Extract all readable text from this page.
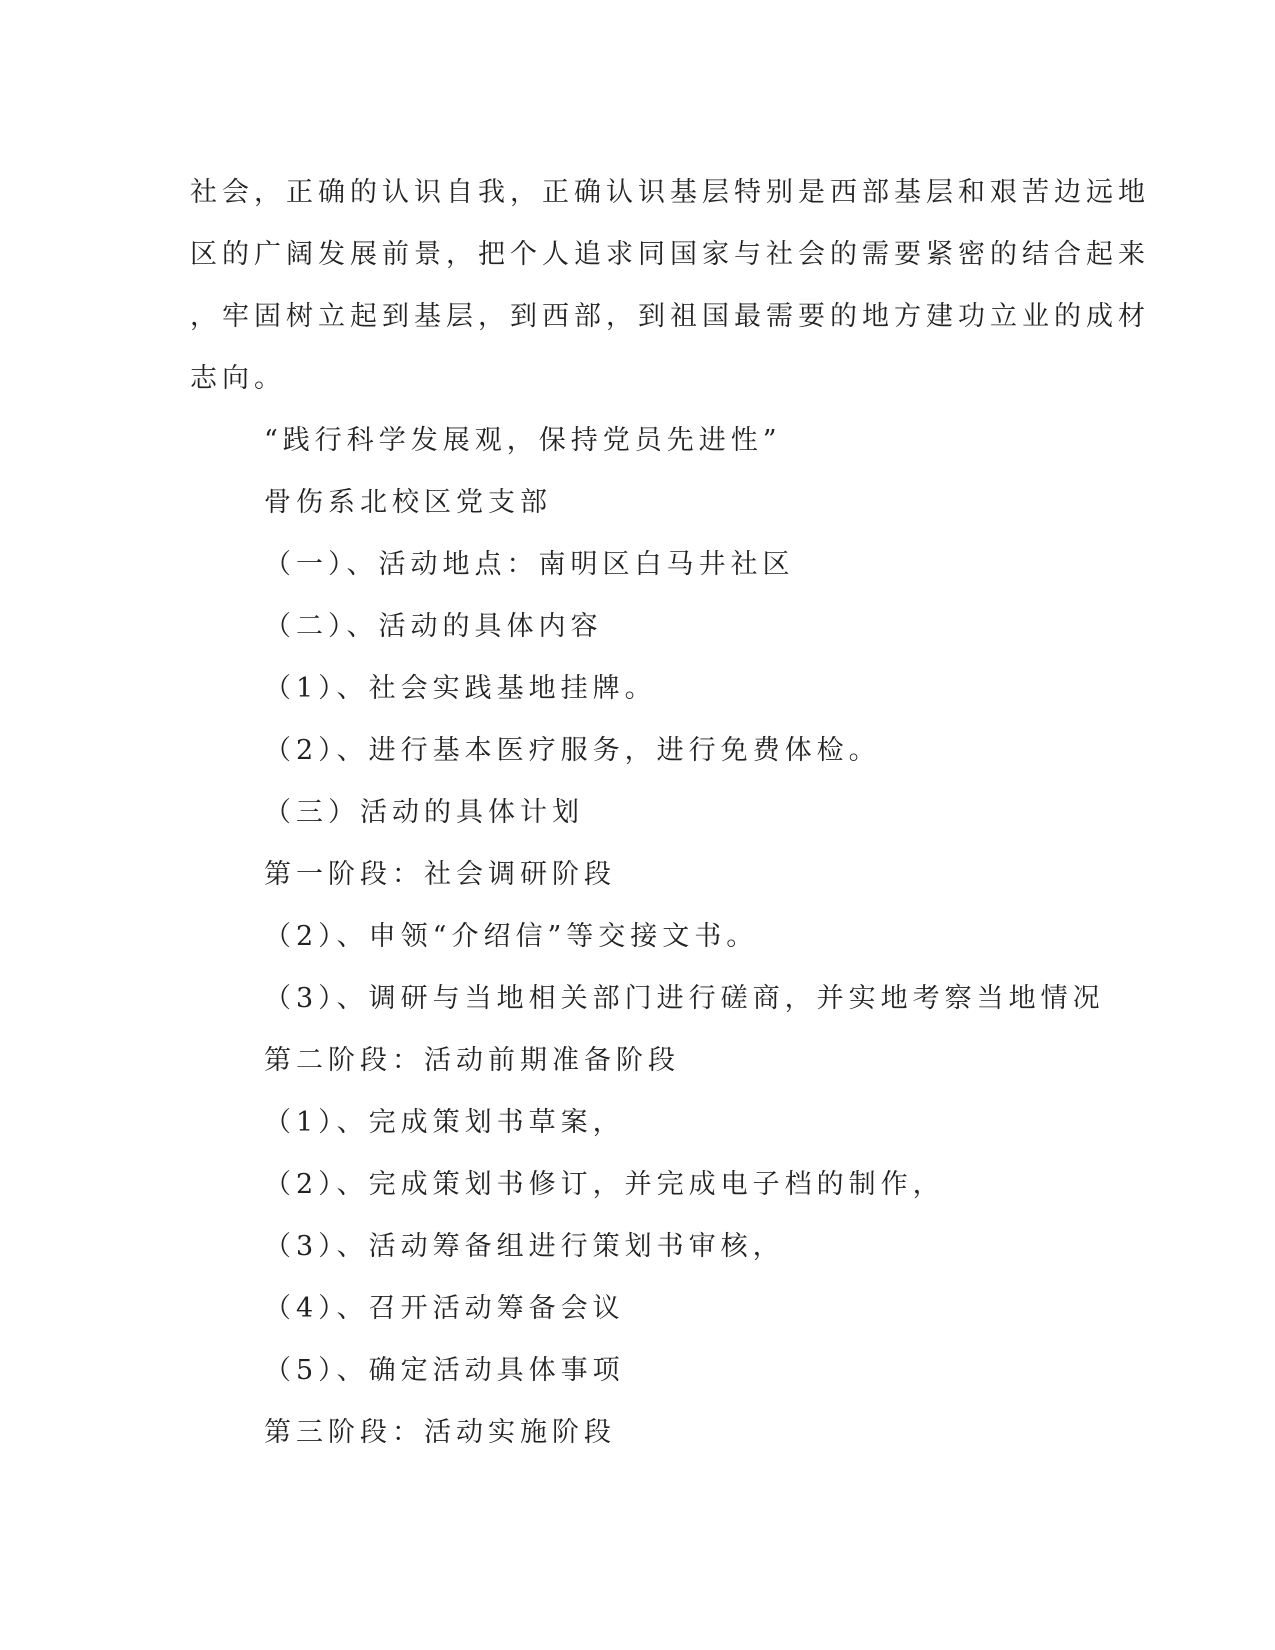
社会，正确的认识自我，正确认识基层特别是西部基层和艰苦边远地
区的广阔发展前景，把个人追求同国家与社会的需要紧密的结合起来
，牢固树立起到基层，到西部，到祖国最需要的地方建功立业的成材
志向。
“践行科学发展观，保持党员先进性”
骨伤系北校区党支部
（一）、活动地点：南明区白马井社区
（二）、活动的具体内容
（1）、社会实践基地挂牌。
（2）、进行基本医疗服务，进行免费体检。
（三）活动的具体计划
第一阶段：社会调研阶段
（2）、申领“介绍信”等交接文书。
（3）、调研与当地相关部门进行磋商，并实地考察当地情况
第二阶段：活动前期准备阶段
（1）、完成策划书草案，
（2）、完成策划书修订，并完成电子档的制作，
（3）、活动筹备组进行策划书审核，
（4）、召开活动筹备会议
（5）、确定活动具体事项
第三阶段：活动实施阶段
